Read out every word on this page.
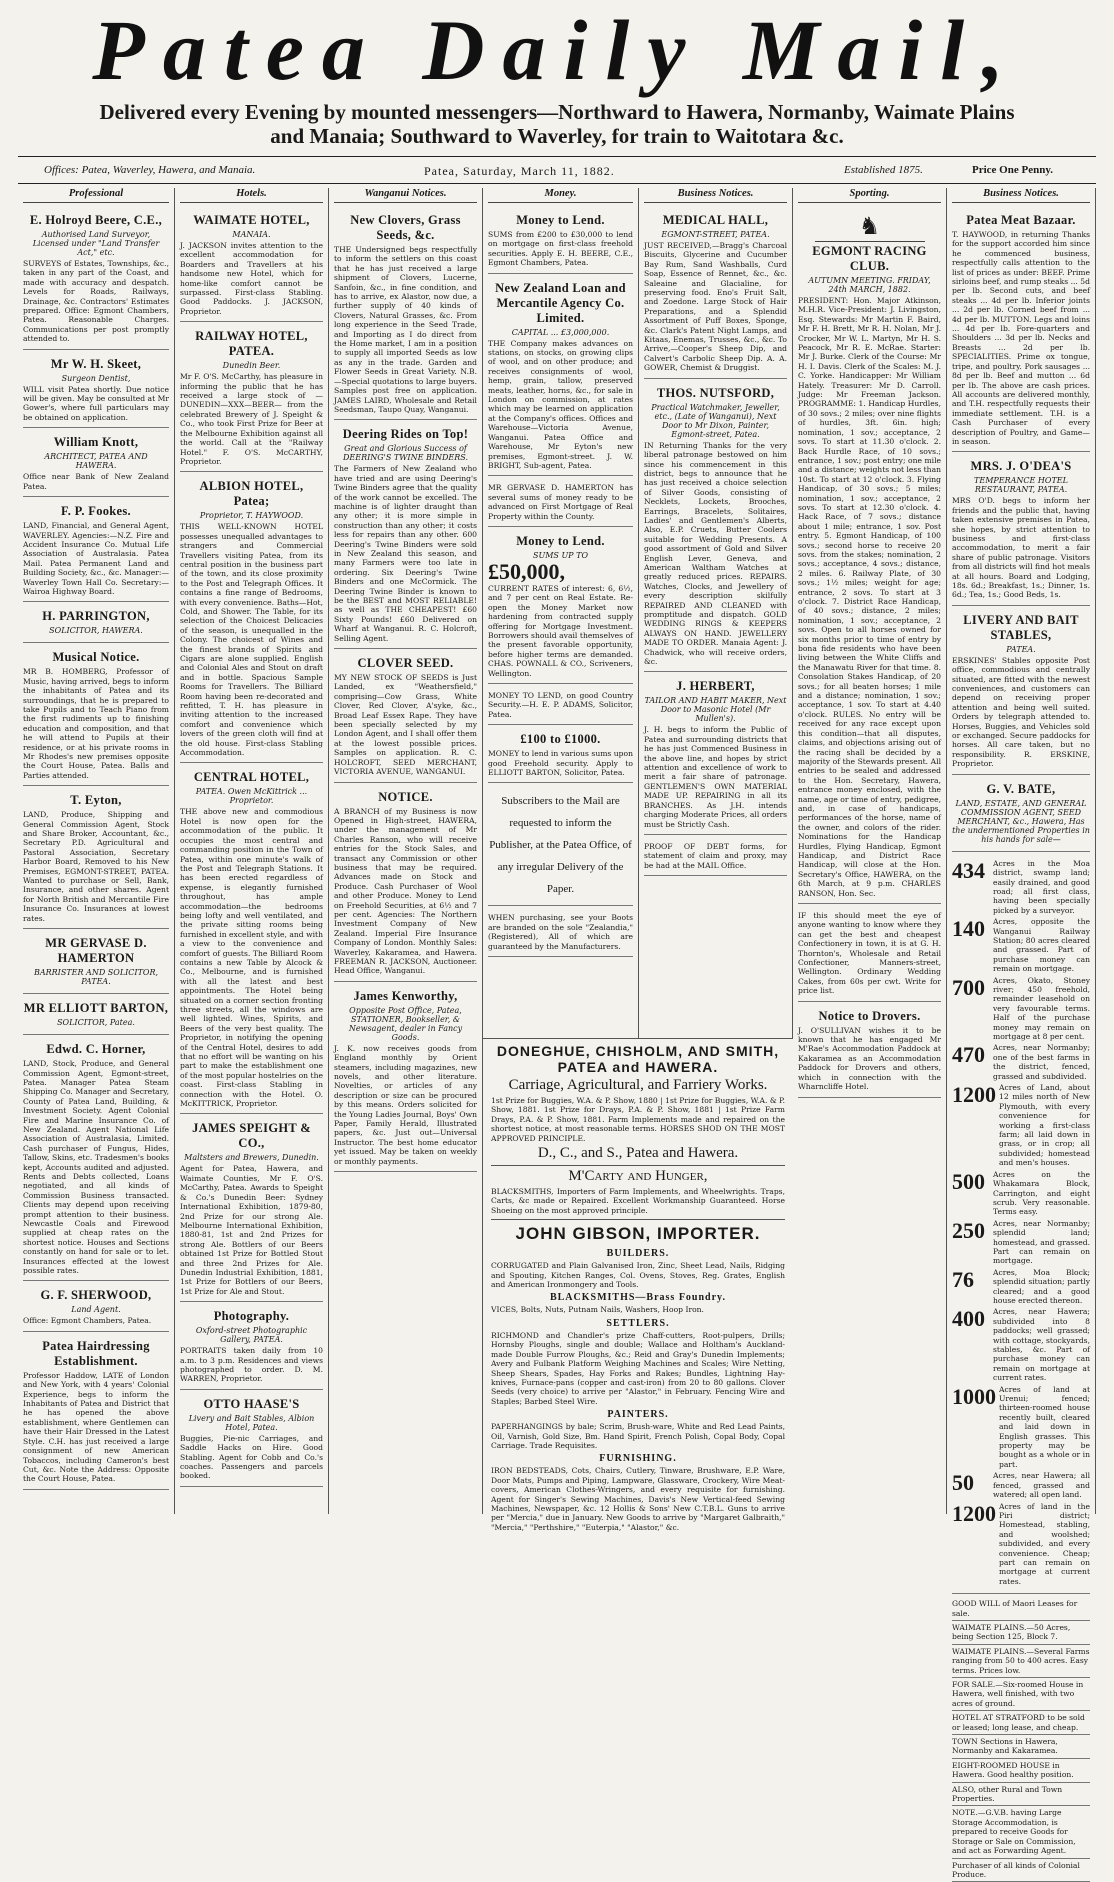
Patea Daily Mail,
Delivered every Evening by mounted messengers—Northward to Hawera, Normanby, Waimate Plains
and Manaia; Southward to Waverley, for train to Waitotara &c.
Offices: Patea, Waverley, Hawera, and Manaia.	Patea, Saturday, March 11, 1882.	Established 1875.	Price One Penny.
Professional
E. Holroyd Beere, C.E.,
Authorised Land Surveyor, Licensed under "Land Transfer Act," etc.

SURVEYS of Estates, Townships, &c., taken in any part of the Coast, and made with accuracy and despatch. Levels for Roads, Railways, Drainage, &c. Contractors' Estimates prepared. Office: Egmont Chambers, Patea. Reasonable Charges. Communications per post promptly attended to.

Mr W. H. Skeet,
Surgeon Dentist,

WILL visit Patea shortly. Due notice will be given. May be consulted at Mr Gower's, where full particulars may be obtained on application.

William Knott,
ARCHITECT, PATEA AND HAWERA.

Office near Bank of New Zealand Patea.

F. P. Fookes.

LAND, Financial, and General Agent, WAVERLEY. Agencies:—N.Z. Fire and Accident Insurance Co. Mutual Life Association of Australasia. Patea Mail. Patea Permanent Land and Building Society, &c., &c. Manager:—Waverley Town Hall Co. Secretary:—Wairoa Highway Board.

H. PARRINGTON,
SOLICITOR, HAWERA.
Musical Notice.

MR B. HOMBERG, Professor of Music, having arrived, begs to inform the inhabitants of Patea and its surroundings, that he is prepared to take Pupils and to Teach Piano from the first rudiments up to finishing education and composition, and that he will attend to Pupils at their residence, or at his private rooms in Mr Rhodes's new premises opposite the Court House, Patea. Balls and Parties attended.

T. Eyton,

LAND, Produce, Shipping and General Commission Agent, Stock and Share Broker, Accountant, &c., Secretary P.D. Agricultural and Pastoral Association, Secretary Harbor Board, Removed to his New Premises, EGMONT-STREET, PATEA. Wanted to purchase or Sell, Bank, Insurance, and other shares. Agent for North British and Mercantile Fire Insurance Co. Insurances at lowest rates.

MR GERVASE D. HAMERTON
BARRISTER AND SOLICITOR, PATEA.
MR ELLIOTT BARTON,
SOLICITOR, Patea.
Edwd. C. Horner,

LAND, Stock, Produce, and General Commission Agent, Egmont-street, Patea. Manager Patea Steam Shipping Co. Manager and Secretary, County of Patea Land, Building, & Investment Society. Agent Colonial Fire and Marine Insurance Co. of New Zealand. Agent National Life Association of Australasia, Limited. Cash purchaser of Fungus, Hides, Tallow, Skins, etc. Tradesmen's books kept, Accounts audited and adjusted. Rents and Debts collected, Loans negotiated, and all kinds of Commission Business transacted. Clients may depend upon receiving prompt attention to their business. Newcastle Coals and Firewood supplied at cheap rates on the shortest notice. Houses and Sections constantly on hand for sale or to let. Insurances effected at the lowest possible rates.

G. F. SHERWOOD,
Land Agent.

Office: Egmont Chambers, Patea.

Patea Hairdressing Establishment.

Professor Haddow, LATE of London and New York, with 4 years' Colonial Experience, begs to inform the Inhabitants of Patea and District that he has opened the above establishment, where Gentlemen can have their Hair Dressed in the Latest Style. C.H. has just received a large consignment of new American Tobaccos, including Cameron's best Cut, &c. Note the Address: Opposite the Court House, Patea.

Hotels.
WAIMATE HOTEL,
MANAIA.

J. JACKSON invites attention to the excellent accommodation for Boarders and Travellers at his handsome new Hotel, which for home-like comfort cannot be surpassed. First-class Stabling. Good Paddocks. J. JACKSON, Proprietor.

RAILWAY HOTEL, PATEA.
Dunedin Beer.

Mr F. O'S. McCarthy, has pleasure in informing the public that he has received a large stock of —DUNEDIN—XXX—BEER— from the celebrated Brewery of J. Speight & Co., who took First Prize for Beer at the Melbourne Exhibition against all the world. Call at the "Railway Hotel." F. O'S. McCARTHY, Proprietor.

ALBION HOTEL, Patea;
Proprietor, T. HAYWOOD.

THIS WELL-KNOWN HOTEL possesses unequalled advantages to strangers and Commercial Travellers visiting Patea, from its central position in the business part of the town, and its close proximity to the Post and Telegraph Offices. It contains a fine range of Bedrooms, with every convenience. Baths—Hot, Cold, and Shower. The Table, for its selection of the Choicest Delicacies of the season, is unequalled in the Colony. The choicest of Wines and the finest brands of Spirits and Cigars are alone supplied. English and Colonial Ales and Stout on draft and in bottle. Spacious Sample Rooms for Travellers. The Billiard Room having been re-decorated and refitted, T. H. has pleasure in inviting attention to the increased comfort and convenience which lovers of the green cloth will find at the old house. First-class Stabling Accommodation.

CENTRAL HOTEL,
PATEA. Owen McKittrick ... Proprietor.

THE above new and commodious Hotel is now open for the accommodation of the public. It occupies the most central and commanding position in the Town of Patea, within one minute's walk of the Post and Telegraph Stations. It has been erected regardless of expense, is elegantly furnished throughout, has ample accommodation—the bedrooms being lofty and well ventilated, and the private sitting rooms being furnished in excellent style, and with a view to the convenience and comfort of guests. The Billiard Room contains a new Table by Alcock & Co., Melbourne, and is furnished with all the latest and best appointments. The Hotel being situated on a corner section fronting three streets, all the windows are well lighted. Wines, Spirits, and Beers of the very best quality. The Proprietor, in notifying the opening of the Central Hotel, desires to add that no effort will be wanting on his part to make the establishment one of the most popular hostelries on the coast. First-class Stabling in connection with the Hotel. O. McKITTRICK, Proprietor.

JAMES SPEIGHT & CO.,
Maltsters and Brewers, Dunedin.

Agent for Patea, Hawera, and Waimate Counties, Mr F. O'S. McCarthy, Patea. Awards to Speight & Co.'s Dunedin Beer: Sydney International Exhibition, 1879-80, 2nd Prize for our strong Ale. Melbourne International Exhibition, 1880-81, 1st and 2nd Prizes for strong Ale. Bottlers of our Beers obtained 1st Prize for Bottled Stout and three 2nd Prizes for Ale. Dunedin Industrial Exhibition, 1881, 1st Prize for Bottlers of our Beers, 1st Prize for Ale and Stout.

Photography.
Oxford-street Photographic Gallery, PATEA.

PORTRAITS taken daily from 10 a.m. to 3 p.m. Residences and views photographed to order. D. M. WARREN, Proprietor.

OTTO HAASE'S
Livery and Bait Stables, Albion Hotel, Patea.

Buggies, Pie-nic Carriages, and Saddle Hacks on Hire. Good Stabling. Agent for Cobb and Co.'s coaches. Passengers and parcels booked.

Wanganui Notices.
New Clovers, Grass Seeds, &c.

THE Undersigned begs respectfully to inform the settlers on this coast that he has just received a large shipment of Clovers, Lucerne, Sanfoin, &c., in fine condition, and has to arrive, ex Alastor, now due, a further supply of 40 kinds of Clovers, Natural Grasses, &c. From long experience in the Seed Trade, and Importing as I do direct from the Home market, I am in a position to supply all imported Seeds as low as any in the trade. Garden and Flower Seeds in Great Variety. N.B.—Special quotations to large buyers. Samples post free on application. JAMES LAIRD, Wholesale and Retail Seedsman, Taupo Quay, Wanganui.

Deering Rides on Top!
Great and Glorious Success of DEERING'S TWINE BINDERS.

The Farmers of New Zealand who have tried and are using Deering's Twine Binders agree that the quality of the work cannot be excelled. The machine is of lighter draught than any other; it is more simple in construction than any other; it costs less for repairs than any other. 600 Deering's Twine Binders were sold in New Zealand this season, and many Farmers were too late in ordering. Six Deering's Twine Binders and one McCormick. The Deering Twine Binder is known to be the BEST and MOST RELIABLE! as well as THE CHEAPEST! £60 Sixty Pounds! £60 Delivered on Wharf at Wanganui. R. C. Holcroft, Selling Agent.

CLOVER SEED.

MY NEW STOCK OF SEEDS is Just Landed, ex "Weathersfield," comprising—Cow Grass, White Clover, Red Clover, A'syke, &c., Broad Leaf Essex Rape. They have been specially selected by my London Agent, and I shall offer them at the lowest possible prices. Samples on application. R. C. HOLCROFT, SEED MERCHANT, VICTORIA AVENUE, WANGANUI.

NOTICE.

A BRANCH of my Business is now Opened in High-street, HAWERA, under the management of Mr Charles Ranson, who will receive entries for the Stock Sales, and transact any Commission or other business that may be required. Advances made on Stock and Produce. Cash Purchaser of Wool and other Produce. Money to Lend on Freehold Securities, at 6½ and 7 per cent. Agencies: The Northern Investment Company of New Zealand. Imperial Fire Insurance Company of London. Monthly Sales: Waverley, Kakaramea, and Hawera. FREEMAN R. JACKSON, Auctioneer. Head Office, Wanganui.

James Kenworthy,
Opposite Post Office, Patea, STATIONER, Bookseller, & Newsagent, dealer in Fancy Goods.

J. K. now receives goods from England monthly by Orient steamers, including magazines, new novels, and other literature. Novelties, or articles of any description or size can be procured by this means. Orders solicited for the Young Ladies Journal, Boys' Own Paper, Family Herald, Illustrated papers, &c. Just out—Universal Instructor. The best home educator yet issued. May be taken on weekly or monthly payments.

Money.
Money to Lend.

SUMS from £200 to £30,000 to lend on mortgage on first-class freehold securities. Apply E. H. BEERE, C.E., Egmont Chambers, Patea.

New Zealand Loan and Mercantile Agency Co. Limited.
CAPITAL ... £3,000,000.

THE Company makes advances on stations, on stocks, on growing clips of wool, and on other produce; and receives consignments of wool, hemp, grain, tallow, preserved meats, leather, horns, &c., for sale in London on commission, at rates which may be learned on application at the Company's offices. Offices and Warehouse—Victoria Avenue, Wanganui. Patea Office and Warehouse, Mr Eyton's new premises, Egmont-street. J. W. BRIGHT, Sub-agent, Patea.

MR GERVASE D. HAMERTON has several sums of money ready to be advanced on First Mortgage of Real Property within the County.

Money to Lend.
SUMS UP TO
£50,000,

CURRENT RATES of interest: 6, 6½, and 7 per cent on Real Estate. Re-open the Money Market now hardening from contracted supply offering for Mortgage Investment. Borrowers should avail themselves of the present favorable opportunity, before higher terms are demanded. CHAS. POWNALL & CO., Scriveners, Wellington.

MONEY TO LEND, on good Country Security.—H. E. P. ADAMS, Solicitor, Patea.

£100 to £1000.

MONEY to lend in various sums upon good Freehold security. Apply to ELLIOTT BARTON, Solicitor, Patea.

Subscribers to the Mail are requested to inform the Publisher, at the Patea Office, of any irregular Delivery of the Paper.

WHEN purchasing, see your Boots are branded on the sole "Zealandia," (Registered), All of which are guaranteed by the Manufacturers.

Business Notices.
MEDICAL HALL,
EGMONT-STREET, PATEA.

JUST RECEIVED,—Bragg's Charcoal Biscuits, Glycerine and Cucumber Bay Rum, Sand Washballs, Curd Soap, Essence of Rennet, &c., &c. Saleaine and Glacialine, for preserving food. Eno's Fruit Salt, and Zoedone. Large Stock of Hair Preparations, and a Splendid Assortment of Puff Boxes, Sponge, &c. Clark's Patent Night Lamps, and Kitaas, Enemas, Trusses, &c., &c. To Arrive,—Cooper's Sheep Dip, and Calvert's Carbolic Sheep Dip. A. A. GOWER, Chemist & Druggist.

THOS. NUTSFORD,
Practical Watchmaker, Jeweller, etc., (Late of Wanganui), Next Door to Mr Dixon, Painter, Egmont-street, Patea.

IN Returning Thanks for the very liberal patronage bestowed on him since his commencement in this district, begs to announce that he has just received a choice selection of Silver Goods, consisting of Necklets, Lockets, Brooches, Earrings, Bracelets, Solitaires, Ladies' and Gentlemen's Alberts, Also, E.P. Cruets, Butter Coolers suitable for Wedding Presents. A good assortment of Gold and Silver English Lever, Geneva, and American Waltham Watches at greatly reduced prices. REPAIRS. Watches, Clocks, and Jewellery of every description skilfully REPAIRED AND CLEANED with promptitude and dispatch. GOLD WEDDING RINGS & KEEPERS ALWAYS ON HAND. JEWELLERY MADE TO ORDER. Manaia Agent: J. Chadwick, who will receive orders, &c.

J. HERBERT,
TAILOR AND HABIT MAKER, Next Door to Masonic Hotel (Mr Mullen's).

J. H. begs to inform the Public of Patea and surrounding districts that he has just Commenced Business in the above line, and hopes by strict attention and excellence of work to merit a fair share of patronage. GENTLEMEN'S OWN MATERIAL MADE UP. REPAIRING in all its BRANCHES. As J.H. intends charging Moderate Prices, all orders must be Strictly Cash.

PROOF OF DEBT forms, for statement of claim and proxy, may be had at the MAIL Office.

Sporting.
♞
EGMONT RACING CLUB.
AUTUMN MEETING. FRIDAY, 24th MARCH, 1882.

PRESIDENT: Hon. Major Atkinson, M.H.R. Vice-President: J. Livingston, Esq. Stewards: Mr Martin F. Baird, Mr F. H. Brett, Mr R. H. Nolan, Mr J. Crocker, Mr W. L. Martyn, Mr H. S. Peacock, Mr R. E. McRae. Starter: Mr J. Burke. Clerk of the Course: Mr H. I. Davis. Clerk of the Scales: M. J. C. Yorke. Handicapper: Mr William Hately. Treasurer: Mr D. Carroll. Judge: Mr Freeman Jackson. PROGRAMME: 1. Handicap Hurdles, of 30 sovs.; 2 miles; over nine flights of hurdles, 3ft. 6in. high; nomination, 1 sov.; acceptance, 2 sovs. To start at 11.30 o'clock. 2. Back Hurdle Race, of 10 sovs.; entrance, 1 sov.; post entry; one mile and a distance; weights not less than 10st. To start at 12 o'clock. 3. Flying Handicap, of 30 sovs.; 5 miles; nomination, 1 sov.; acceptance, 2 sovs. To start at 12.30 o'clock. 4. Hack Race, of 7 sovs.; distance about 1 mile; entrance, 1 sov. Post entry. 5. Egmont Handicap, of 100 sovs.; second horse to receive 20 sovs. from the stakes; nomination, 2 sovs.; acceptance, 4 sovs.; distance, 2 miles. 6. Railway Plate, of 30 sovs.; 1½ miles; weight for age; entrance, 2 sovs. To start at 3 o'clock. 7. District Race Handicap, of 40 sovs.; distance, 2 miles; nomination, 1 sov.; acceptance, 2 sovs. Open to all horses owned for six months prior to time of entry by bona fide residents who have been living between the White Cliffs and the Manawatu River for that time. 8. Consolation Stakes Handicap, of 20 sovs.; for all beaten horses; 1 mile and a distance; nomination, 1 sov.; acceptance, 1 sov. To start at 4.40 o'clock. RULES. No entry will be received for any race except upon this condition—that all disputes, claims, and objections arising out of the racing shall be decided by a majority of the Stewards present. All entries to be sealed and addressed to the Hon. Secretary, Hawera, entrance money enclosed, with the name, age or time of entry, pedigree, and, in case of handicaps, performances of the horse, name of the owner, and colors of the rider. Nominations for the Handicap Hurdles, Flying Handicap, Egmont Handicap, and District Race Handicap, will close at the Hon. Secretary's Office, HAWERA, on the 6th March, at 9 p.m. CHARLES RANSON, Hon. Sec.

IF this should meet the eye of anyone wanting to know where they can get the best and cheapest Confectionery in town, it is at G. H. Thornton's, Wholesale and Retail Confectioner, Manners-street, Wellington. Ordinary Wedding Cakes, from 60s per cwt. Write for price list.

Notice to Drovers.

J. O'SULLIVAN wishes it to be known that he has engaged Mr M'Rae's Accommodation Paddock at Kakaramea as an Accommodation Paddock for Drovers and others, which in connection with the Wharncliffe Hotel.

Business Notices.
Patea Meat Bazaar.

T. HAYWOOD, in returning Thanks for the support accorded him since he commenced business, respectfully calls attention to the list of prices as under: BEEF. Prime sirloins beef, and rump steaks ... 5d per lb. Second cuts, and beef steaks ... 4d per lb. Inferior joints ... 2d per lb. Corned beef from ... 4d per lb. MUTTON. Legs and loins ... 4d per lb. Fore-quarters and Shoulders ... 3d per lb. Necks and Breasts ... 2d per lb. SPECIALITIES. Prime ox tongue, tripe, and poultry. Pork sausages ... 8d per lb. Beef and mutton ... 6d per lb. The above are cash prices. All accounts are delivered monthly, and T.H. respectfully requests their immediate settlement. T.H. is a Cash Purchaser of every description of Poultry, and Game—in season.

MRS. J. O'DEA'S
TEMPERANCE HOTEL RESTAURANT, PATEA.

MRS O'D. begs to inform her friends and the public that, having taken extensive premises in Patea, she hopes, by strict attention to business and first-class accommodation, to merit a fair share of public patronage. Visitors from all districts will find hot meals at all hours. Board and Lodging, 18s. 6d.; Breakfast, 1s.; Dinner, 1s. 6d.; Tea, 1s.; Good Beds, 1s.

LIVERY AND BAIT STABLES,
PATEA.

ERSKINES' Stables opposite Post office, commodious and centrally situated, are fitted with the newest conveniences, and customers can depend on receiving proper attention and being well suited. Orders by telegraph attended to. Horses, Buggies, and Vehicles sold or exchanged. Secure paddocks for horses. All care taken, but no responsibility. R. ERSKINE, Proprietor.

G. V. BATE,
LAND, ESTATE, AND GENERAL COMMISSION AGENT, SEED MERCHANT, &c., Hawera, Has the undermentioned Properties in his hands for sale—
434	Acres in the Moa district, swamp land; easily drained, and good road; all first class, having been specially picked by a surveyor.

140	Acres, opposite the Wanganui Railway Station; 80 acres cleared and grassed. Part of purchase money can remain on mortgage.

700	Acres, Okato, Stoney river; 450 freehold, remainder leasehold on very favourable terms. Half of the purchase money may remain on mortgage at 8 per cent.

470	Acres, near Normanby; one of the best farms in the district, fenced, grassed and subdivided.

1200 Acres of Land, about 12 miles north of New Plymouth, with every convenience for working a first-class farm; all laid down in grass, or in crop; all subdivided; homestead and men's houses.

500	Acres on the Whakamara Block, Carrington, and eight scrub. Very reasonable. Terms easy.

250	Acres, near Normanby; splendid land; homestead, and grassed. Part can remain on mortgage.

76	Acres, Moa Block; splendid situation; partly cleared; and a good house erected thereon.

400	Acres, near Hawera; subdivided into 8 paddocks; well grassed; with cottage, stockyards, stables, &c. Part of purchase money can remain on mortgage at current rates.

1000 Acres of land at Urenui; fenced; thirteen-roomed house recently built, cleared and laid down in English grasses. This property may be bought as a whole or in part.

50	Acres, near Hawera; all fenced, grassed and watered; all open land.

1200 Acres of land in the Piri district; Homestead, stabling, and woolshed; subdivided, and every convenience. Cheap; part can remain on mortgage at current rates.

GOOD WILL of Maori Leases for sale.

WAIMATE PLAINS.—50 Acres, being Section 125, Block 7.

WAIMATE PLAINS.—Several Farms ranging from 50 to 400 acres. Easy terms. Prices low.

FOR SALE.—Six-roomed House in Hawera, well finished, with two acres of ground.

HOTEL AT STRATFORD to be sold or leased; long lease, and cheap.

TOWN Sections in Hawera, Normanby and Kakaramea.

EIGHT-ROOMED HOUSE in Hawera. Good healthy position.

ALSO, other Rural and Town Properties.

NOTE.—G.V.B. having Large Storage Accommodation, is prepared to receive Goods for Storage or Sale on Commission, and act as Forwarding Agent.

Purchaser of all kinds of Colonial Produce.

DONEGHUE, CHISHOLM, AND SMITH,
PATEA and HAWERA.
Carriage, Agricultural, and Farriery Works.

1st Prize for Buggies, W.A. & P. Show, 1880 | 1st Prize for Buggies, W.A. & P. Show, 1881. 1st Prize for Drays, P.A. & P. Show, 1881 | 1st Prize Farm Drays, P.A. & P. Show, 1881. Farm Implements made and repaired on the shortest notice, at most reasonable terms. HORSES SHOD ON THE MOST APPROVED PRINCIPLE.

D., C., and S., Patea and Hawera.
M'Carty and Hunger,

BLACKSMITHS, Importers of Farm Implements, and Wheelwrights. Traps, Carts, &c made or Repaired. Excellent Workmanship Guaranteed. Horse Shoeing on the most approved principle.

JOHN GIBSON, IMPORTER.
BUILDERS.

CORRUGATED and Plain Galvanised Iron, Zinc, Sheet Lead, Nails, Ridging and Spouting, Kitchen Ranges, Col. Ovens, Stoves, Reg. Grates, English and American Ironmongery and Tools.

BLACKSMITHS—Brass Foundry.

VICES, Bolts, Nuts, Putnam Nails, Washers, Hoop Iron.

SETTLERS.

RICHMOND and Chandler's prize Chaff-cutters, Root-pulpers, Drills; Hornsby Ploughs, single and double; Wallace and Holtham's Auckland-made Double Furrow Ploughs, &c.; Reid and Gray's Dunedin Implements; Avery and Fulbank Platform Weighing Machines and Scales; Wire Netting, Sheep Shears, Spades, Hay Forks and Rakes; Bundles, Lightning Hay-knives, Furnace-pans (copper and cast-iron) from 20 to 80 gallons. Clover Seeds (very choice) to arrive per "Alastor," in February. Fencing Wire and Staples; Barbed Steel Wire.

PAINTERS.

PAPERHANGINGS by bale; Scrim, Brush-ware, White and Red Lead Paints, Oil, Varnish, Gold Size, Bm. Hand Spirit, French Polish, Copal Body, Copal Carriage. Trade Requisites.

FURNISHING.

IRON BEDSTEADS, Cots, Chairs, Cutlery, Tinware, Brushware, E.P. Ware, Door Mats, Pumps and Piping, Lampware, Glassware, Crockery, Wire Meat-covers, American Clothes-Wringers, and every requisite for furnishing. Agent for Singer's Sewing Machines, Davis's New Vertical-feed Sewing Machines, Newspaper, &c. 12 Hollis & Sons' New C.T.B.L. Guns to arrive per "Mercia," due in January. New Goods to arrive by "Margaret Galbraith," "Mercia," "Perthshire," "Euterpia," "Alastor," &c.
